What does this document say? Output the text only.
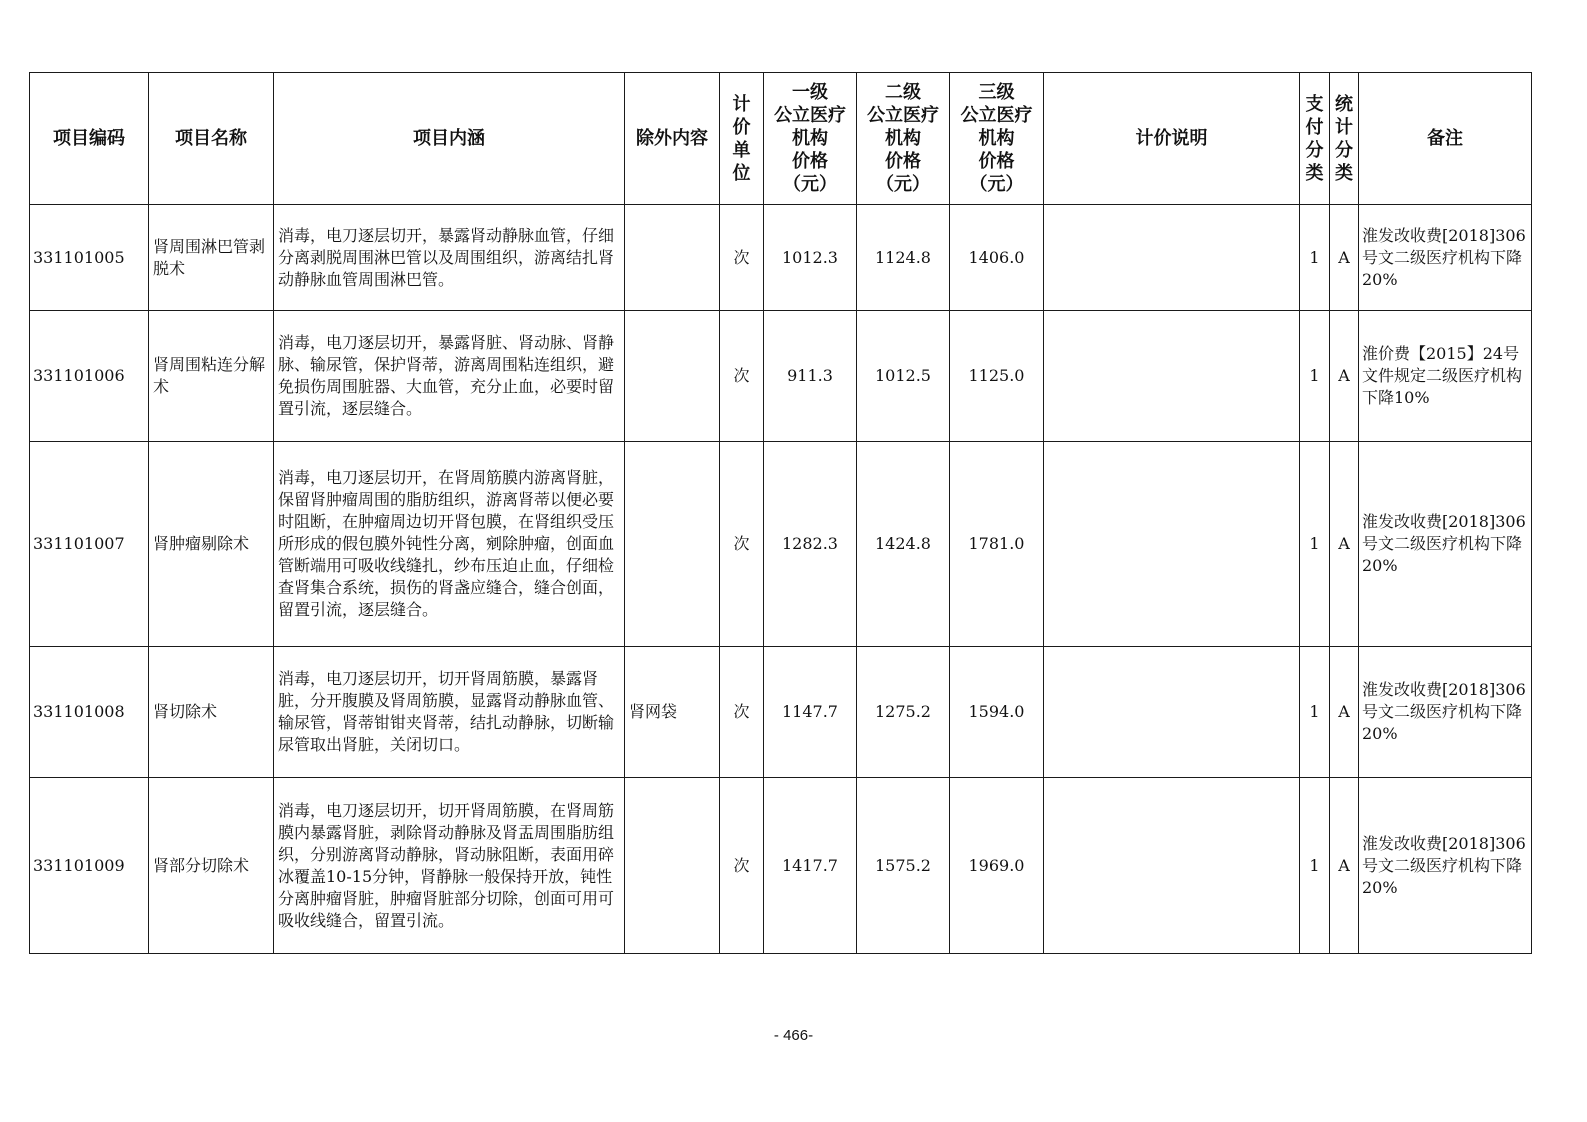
项目编码	项目名称	项目内涵	除外内容	计价单位	一级
公立医疗
机构
价格
（元）	二级
公立医疗
机构
价格
（元）	三级
公立医疗
机构
价格
（元）	计价说明	支付分类	统计分类	备注
331101005	肾周围淋巴管剥脱术	消毒，电刀逐层切开，暴露肾动静脉血管，仔细分离剥脱周围淋巴管以及周围组织，游离结扎肾动静脉血管周围淋巴管。		次	1012.3	1124.8	1406.0		1	A	淮发改收费[2018]306号文二级医疗机构下降20%
331101006	肾周围粘连分解术	消毒，电刀逐层切开，暴露肾脏、肾动脉、肾静脉、输尿管，保护肾蒂，游离周围粘连组织，避免损伤周围脏器、大血管，充分止血，必要时留置引流，逐层缝合。		次	911.3	1012.5	1125.0		1	A	淮价费【2015】24号文件规定二级医疗机构下降10%
331101007	肾肿瘤剔除术	消毒，电刀逐层切开，在肾周筋膜内游离肾脏，保留肾肿瘤周围的脂肪组织，游离肾蒂以便必要时阻断，在肿瘤周边切开肾包膜，在肾组织受压所形成的假包膜外钝性分离，剜除肿瘤，创面血管断端用可吸收线缝扎，纱布压迫止血，仔细检查肾集合系统，损伤的肾盏应缝合，缝合创面，留置引流，逐层缝合。		次	1282.3	1424.8	1781.0		1	A	淮发改收费[2018]306号文二级医疗机构下降20%
331101008	肾切除术	消毒，电刀逐层切开，切开肾周筋膜，暴露肾脏，分开腹膜及肾周筋膜，显露肾动静脉血管、输尿管，肾蒂钳钳夹肾蒂，结扎动静脉，切断输尿管取出肾脏，关闭切口。	肾网袋	次	1147.7	1275.2	1594.0		1	A	淮发改收费[2018]306号文二级医疗机构下降20%
331101009	肾部分切除术	消毒，电刀逐层切开，切开肾周筋膜，在肾周筋膜内暴露肾脏，剥除肾动静脉及肾盂周围脂肪组织，分别游离肾动静脉，肾动脉阻断，表面用碎冰覆盖10-15分钟，肾静脉一般保持开放，钝性分离肿瘤肾脏，肿瘤肾脏部分切除，创面可用可吸收线缝合，留置引流。		次	1417.7	1575.2	1969.0		1	A	淮发改收费[2018]306号文二级医疗机构下降20%
- 466-
